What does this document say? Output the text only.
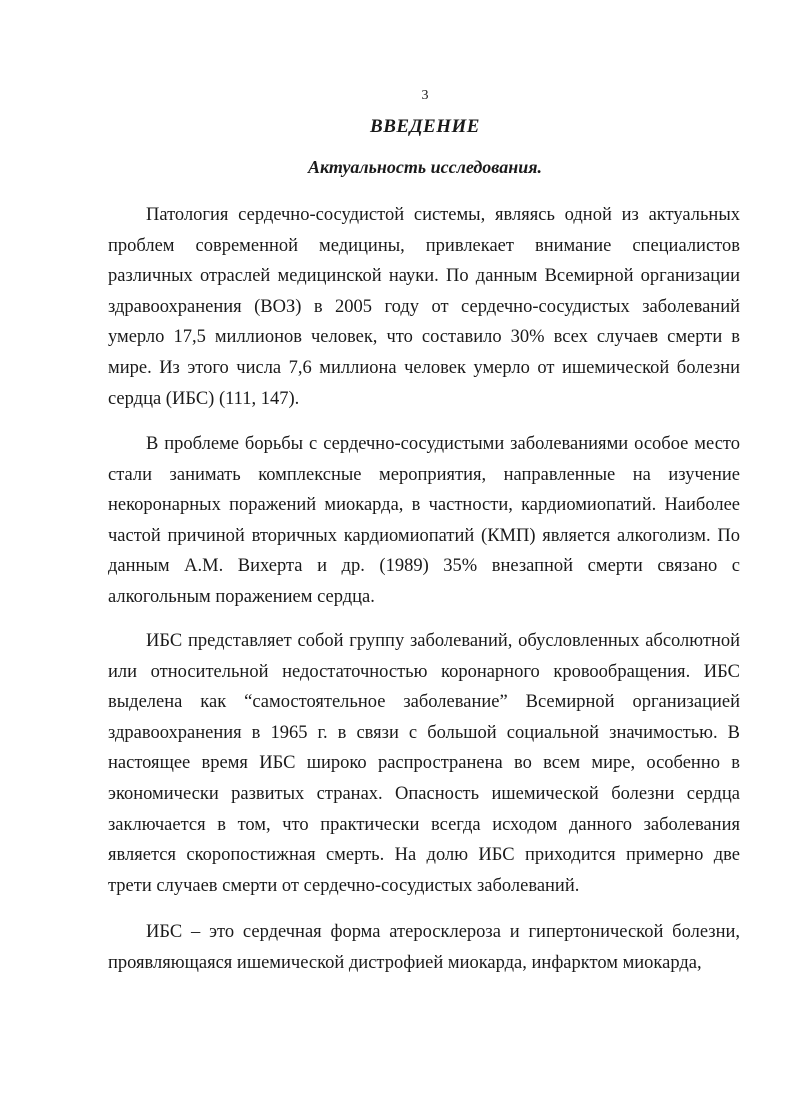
3
ВВЕДЕНИЕ
Актуальность исследования.

Патология сердечно-сосудистой системы, являясь одной из актуальных проблем современной медицины, привлекает внимание специалистов различных отраслей медицинской науки. По данным Всемирной организации здравоохранения (ВОЗ) в 2005 году от сердечно-сосудистых заболеваний умерло 17,5 миллионов человек, что составило 30% всех случаев смерти в мире. Из этого числа 7,6 миллиона человек умерло от ишемической болезни сердца (ИБС) (111, 147).

В проблеме борьбы с сердечно-сосудистыми заболеваниями особое место стали занимать комплексные мероприятия, направленные на изучение некоронарных поражений миокарда, в частности, кардиомиопатий. Наиболее частой причиной вторичных кардиомиопатий (КМП) является алкоголизм. По данным А.М. Вихерта и др. (1989) 35% внезапной смерти связано с алкогольным поражением сердца.

ИБС представляет собой группу заболеваний, обусловленных абсолютной или относительной недостаточностью коронарного кровообращения. ИБС выделена как “самостоятельное заболевание” Всемирной организацией здравоохранения в 1965 г. в связи с большой социальной значимостью. В настоящее время ИБС широко распространена во всем мире, особенно в экономически развитых странах. Опасность ишемической болезни сердца заключается в том, что практически всегда исходом данного заболевания является скоропостижная смерть. На долю ИБС приходится примерно две трети случаев смерти от сердечно-сосудистых заболеваний.

ИБС – это сердечная форма атеросклероза и гипертонической болезни, проявляющаяся ишемической дистрофией миокарда, инфарктом миокарда,
